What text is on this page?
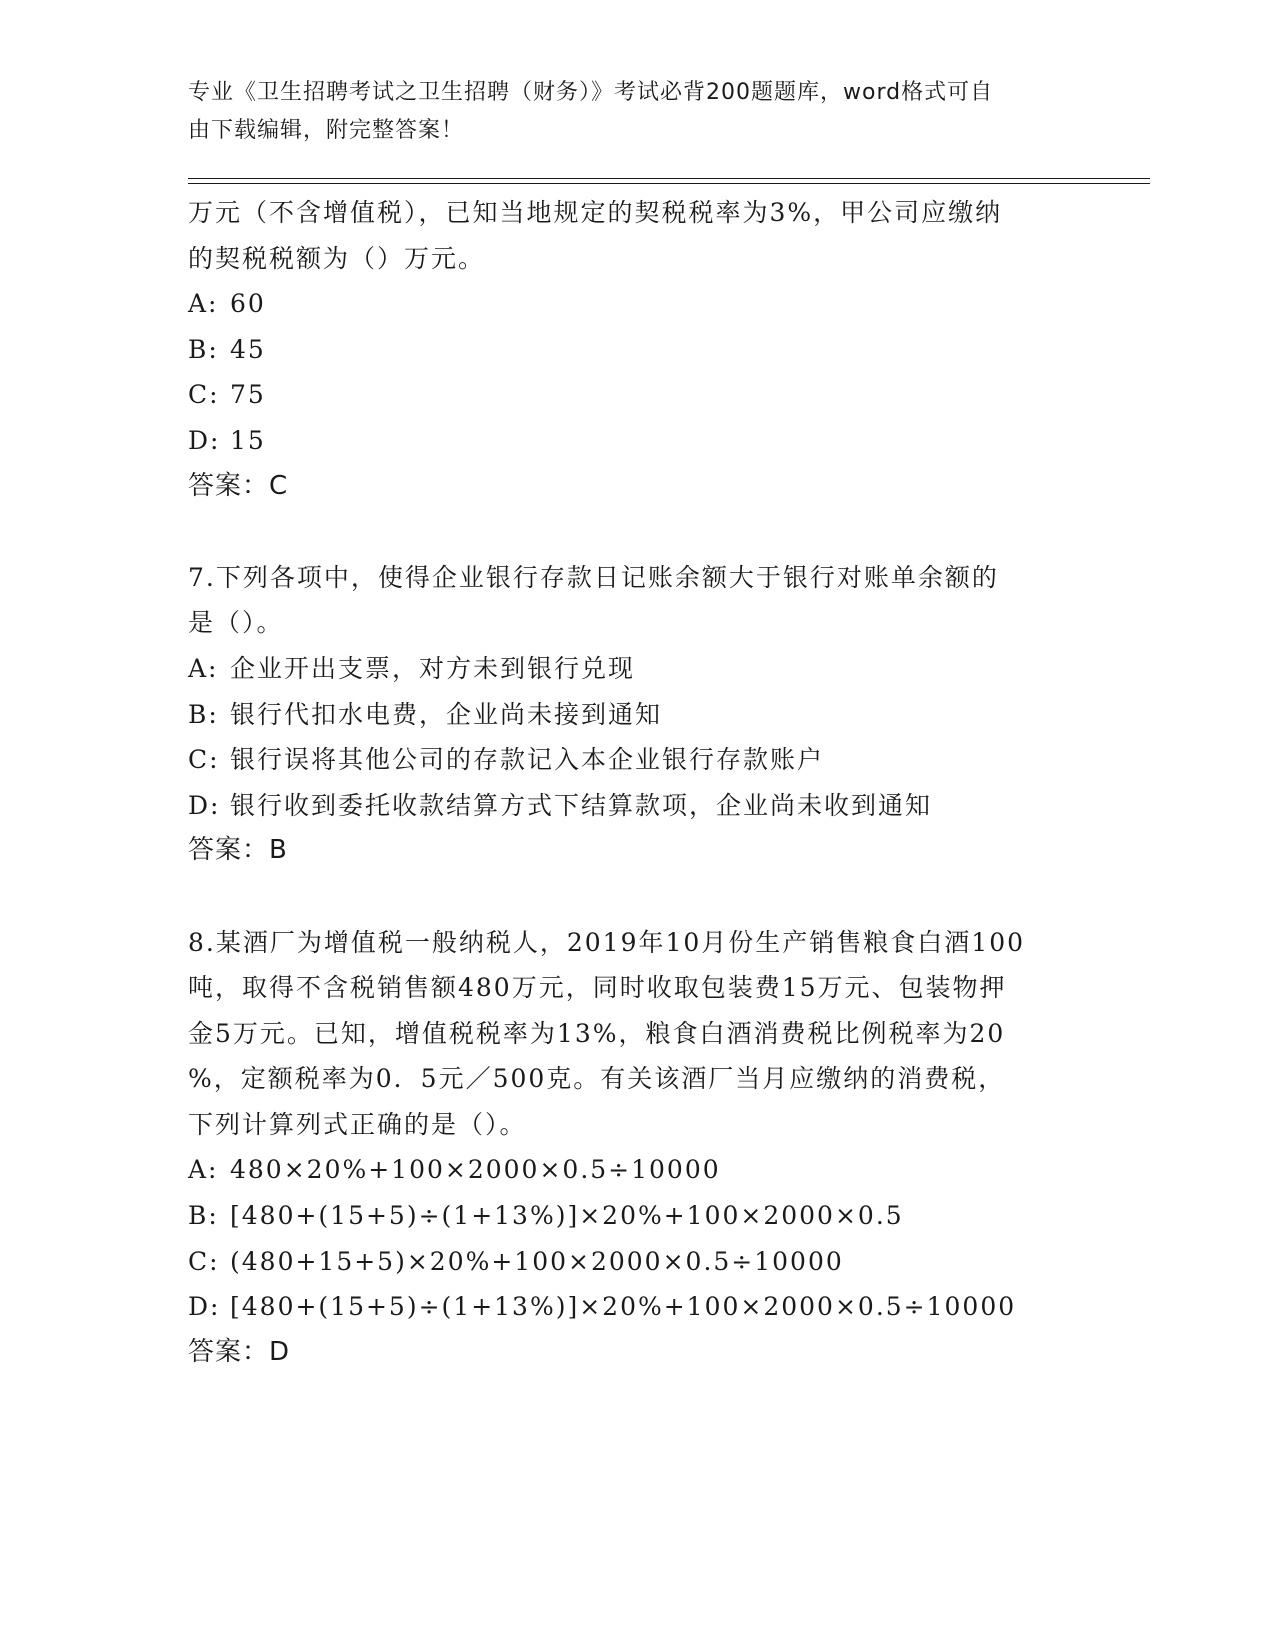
专业《卫生招聘考试之卫生招聘（财务）》考试必背200题题库，word格式可自
由下载编辑，附完整答案！
万元（不含增值税），已知当地规定的契税税率为3%，甲公司应缴纳
的契税税额为（）万元。
A: 60
B: 45
C: 75
D: 15
答案：C
7.下列各项中，使得企业银行存款日记账余额大于银行对账单余额的
是（）。
A: 企业开出支票，对方未到银行兑现
B: 银行代扣水电费，企业尚未接到通知
C: 银行误将其他公司的存款记入本企业银行存款账户
D: 银行收到委托收款结算方式下结算款项，企业尚未收到通知
答案：B
8.某酒厂为增值税一般纳税人，2019年10月份生产销售粮食白酒100
吨，取得不含税销售额480万元，同时收取包装费15万元、包装物押
金5万元。已知，增值税税率为13%，粮食白酒消费税比例税率为20
%，定额税率为0．5元／500克。有关该酒厂当月应缴纳的消费税，
下列计算列式正确的是（）。
A: 480×20%+100×2000×0.5÷10000
B: [480+(15+5)÷(1+13%)]×20%+100×2000×0.5
C: (480+15+5)×20%+100×2000×0.5÷10000
D: [480+(15+5)÷(1+13%)]×20%+100×2000×0.5÷10000
答案：D
